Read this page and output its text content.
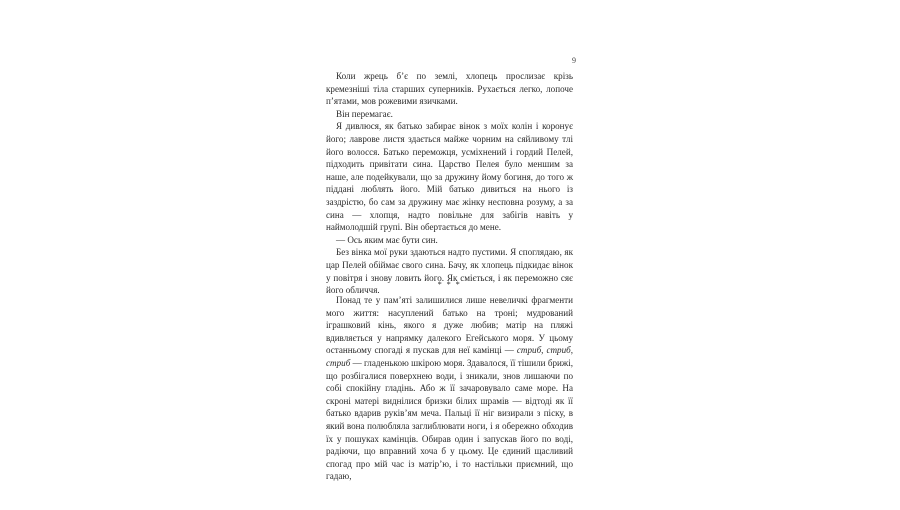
9

Коли жрець б’є по землі, хлопець прослизає крізь кремезніші тіла старших суперників. Рухається легко, лопоче п’ятами, мов рожевими язичками.

Він перемагає.

Я дивлюся, як батько забирає вінок з моїх колін і коронує його; лаврове листя здається майже чорним на сяйливому тлі його волосся. Батько переможця, усміхнений і гордий Пелей, підходить привітати сина. Царство Пелея було меншим за наше, але подейкували, що за дружину йому богиня, до того ж піддані люблять його. Мій батько дивиться на нього із заздрістю, бо сам за дружину має жінку несповна розуму, а за сина — хлопця, надто повільне для забігів навіть у наймолодшій групі. Він обертається до мене.

— Ось яким має бути син.

Без вінка мої руки здаються надто пустими. Я споглядаю, як цар Пелей обіймає свого сина. Бачу, як хлопець підкидає вінок у повітря і знову ловить його. Як сміється, і як переможно сяє його обличчя.

* * *

Понад те у пам’яті залишилися лише невеличкі фрагменти мого життя: насуплений батько на троні; мудрований іграшковий кінь, якого я дуже любив; матір на пляжі вдивляється у напрямку далекого Егейського моря. У цьому останньому спогаді я пускав для неї камінці — стриб, стриб, стриб — гладенькою шкірою моря. Здавалося, її тішили брижі, що розбігалися поверхнею води, і зникали, знов лишаючи по собі спокійну гладінь. Або ж її зачаровувало саме море. На скроні матері виднілися бризки білих шрамів — відтоді як її батько вдарив руків’ям меча. Пальці її ніг визирали з піску, в який вона полюбляла заглиблювати ноги, і я обережно обходив їх у пошуках камінців. Обирав один і запускав його по воді, радіючи, що вправний хоча б у цьому. Це єдиний щасливий спогад про мій час із матір’ю, і то настільки приємний, що гадаю,
